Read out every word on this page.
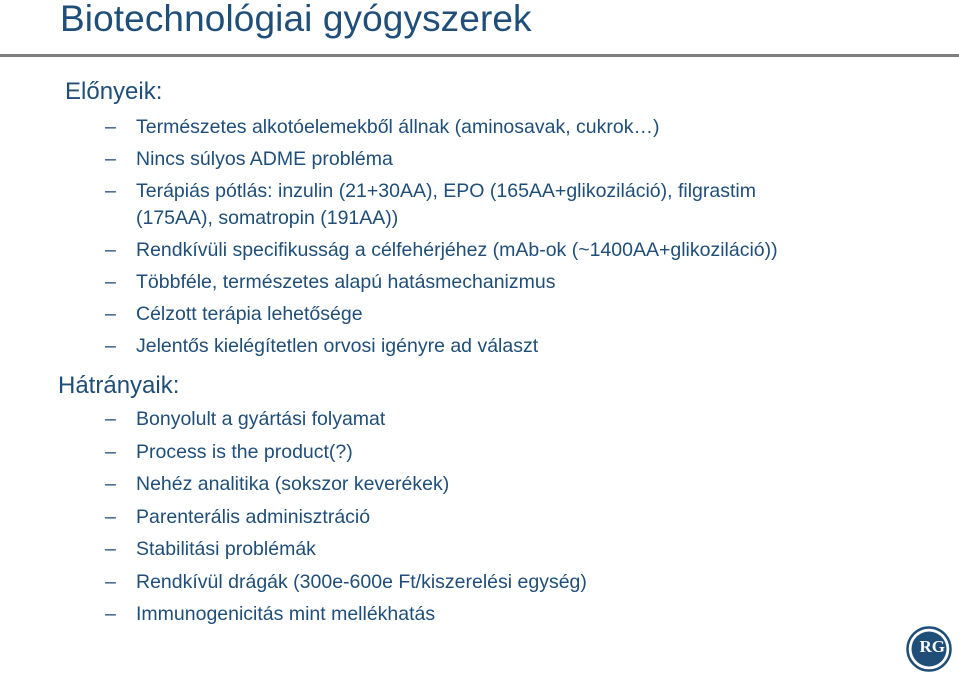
Biotechnológiai gyógyszerek
Előnyeik:
– Természetes alkotóelemekből állnak (aminosavak, cukrok…)
– Nincs súlyos ADME probléma
– Terápiás pótlás: inzulin (21+30AA), EPO (165AA+glikoziláció), filgrastim
(175AA), somatropin (191AA))
– Rendkívüli specifikusság a célfehérjéhez (mAb-ok (~1400AA+glikoziláció))
– Többféle, természetes alapú hatásmechanizmus
– Célzott terápia lehetősége
– Jelentős kielégítetlen orvosi igényre ad választ
Hátrányaik:
– Bonyolult a gyártási folyamat
– Process is the product(?)
– Nehéz analitika (sokszor keverékek)
– Parenterális adminisztráció
– Stabilitási problémák
– Rendkívül drágák (300e-600e Ft/kiszerelési egység)
– Immunogenicitás mint mellékhatás
RG
